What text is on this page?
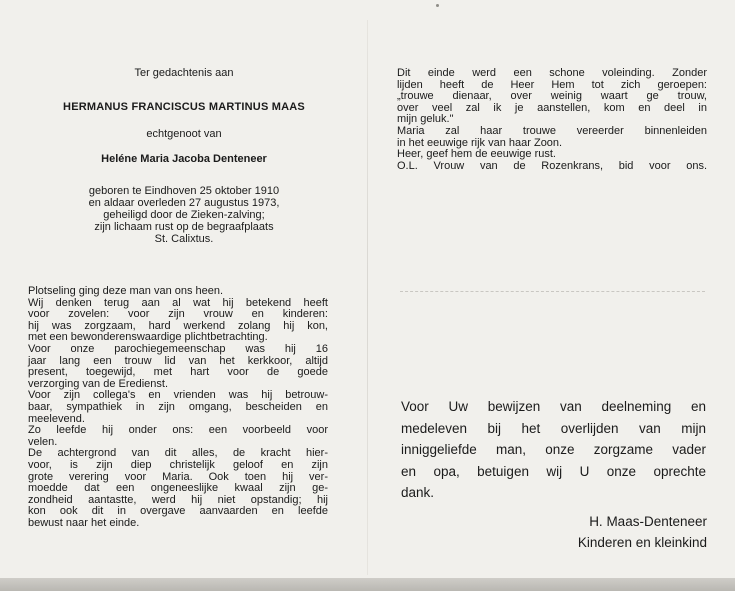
Ter gedachtenis aan
HERMANUS FRANCISCUS MARTINUS MAAS
echtgenoot van
Heléne Maria Jacoba Denteneer
geboren te Eindhoven 25 oktober 1910
en aldaar overleden 27 augustus 1973,
geheiligd door de Zieken-zalving;
zijn lichaam rust op de begraafplaats
St. Calixtus.
Plotseling ging deze man van ons heen.
Wij denken terug aan al wat hij betekend heeft
voor zovelen: voor zijn vrouw en kinderen:
hij was zorgzaam, hard werkend zolang hij kon,
met een bewonderenswaardige plichtbetrachting.
Voor onze parochiegemeenschap was hij 16
jaar lang een trouw lid van het kerkkoor, altijd
present, toegewijd, met hart voor de goede
verzorging van de Eredienst.
Voor zijn collega's en vrienden was hij betrouw-
baar, sympathiek in zijn omgang, bescheiden en
meelevend.
Zo leefde hij onder ons: een voorbeeld voor
velen.
De achtergrond van dit alles, de kracht hier-
voor, is zijn diep christelijk geloof en zijn
grote verering voor Maria. Ook toen hij ver-
moedde dat een ongeneeslijke kwaal zijn ge-
zondheid aantastte, werd hij niet opstandig; hij
kon ook dit in overgave aanvaarden en leefde
bewust naar het einde.
Dit einde werd een schone voleinding. Zonder
lijden heeft de Heer Hem tot zich geroepen:
„trouwe dienaar, over weinig waart ge trouw,
over veel zal ik je aanstellen, kom en deel in
mijn geluk."
Maria zal haar trouwe vereerder binnenleiden
in het eeuwige rijk van haar Zoon.
Heer, geef hem de eeuwige rust.
O.L. Vrouw van de Rozenkrans, bid voor ons.
Voor Uw bewijzen van deelneming en
medeleven bij het overlijden van mijn
inniggeliefde man, onze zorgzame vader
en opa, betuigen wij U onze oprechte
dank.
H. Maas-Denteneer
Kinderen en kleinkind
